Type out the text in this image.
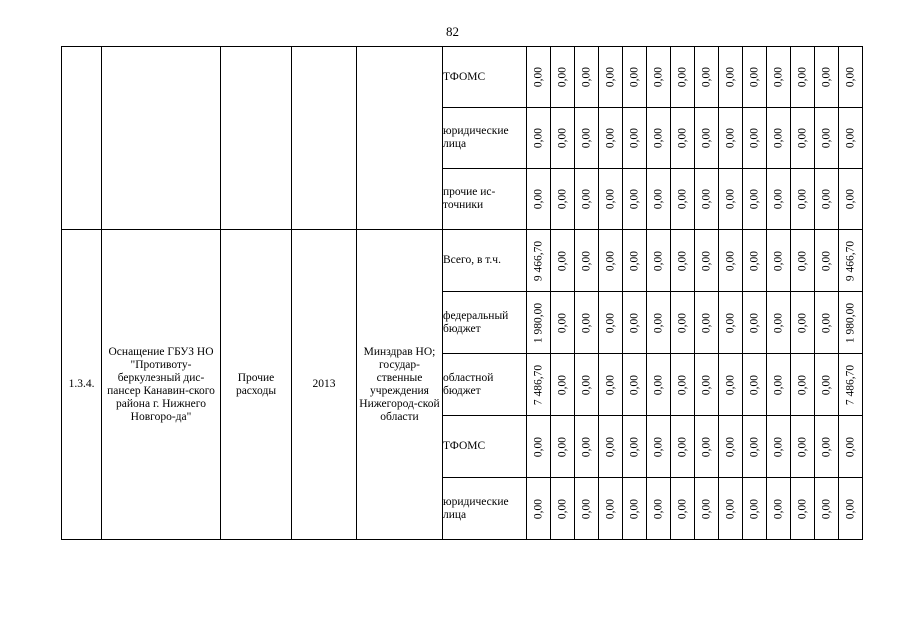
82
					ТФОМС	0,00	0,00	0,00	0,00	0,00	0,00	0,00	0,00	0,00	0,00	0,00	0,00	0,00	0,00

					юридические лица	0,00	0,00	0,00	0,00	0,00	0,00	0,00	0,00	0,00	0,00	0,00	0,00	0,00	0,00

					прочие ис-точники	0,00	0,00	0,00	0,00	0,00	0,00	0,00	0,00	0,00	0,00	0,00	0,00	0,00	0,00

1.3.4.	Оснащение ГБУЗ НО "Противоту-беркулезный дис-пансер Канавин-ского района г. Нижнего Новгоро-да"	Прочие расходы	2013	Минздрав НО; государ-ственные учреждения Нижегород-ской области	Всего, в т.ч.	9 466,70	0,00	0,00	0,00	0,00	0,00	0,00	0,00	0,00	0,00	0,00	0,00	0,00	9 466,70

					федеральный бюджет	1 980,00	0,00	0,00	0,00	0,00	0,00	0,00	0,00	0,00	0,00	0,00	0,00	0,00	1 980,00

					областной бюджет	7 486,70	0,00	0,00	0,00	0,00	0,00	0,00	0,00	0,00	0,00	0,00	0,00	0,00	7 486,70

					ТФОМС	0,00	0,00	0,00	0,00	0,00	0,00	0,00	0,00	0,00	0,00	0,00	0,00	0,00	0,00

					юридические лица	0,00	0,00	0,00	0,00	0,00	0,00	0,00	0,00	0,00	0,00	0,00	0,00	0,00	0,00
